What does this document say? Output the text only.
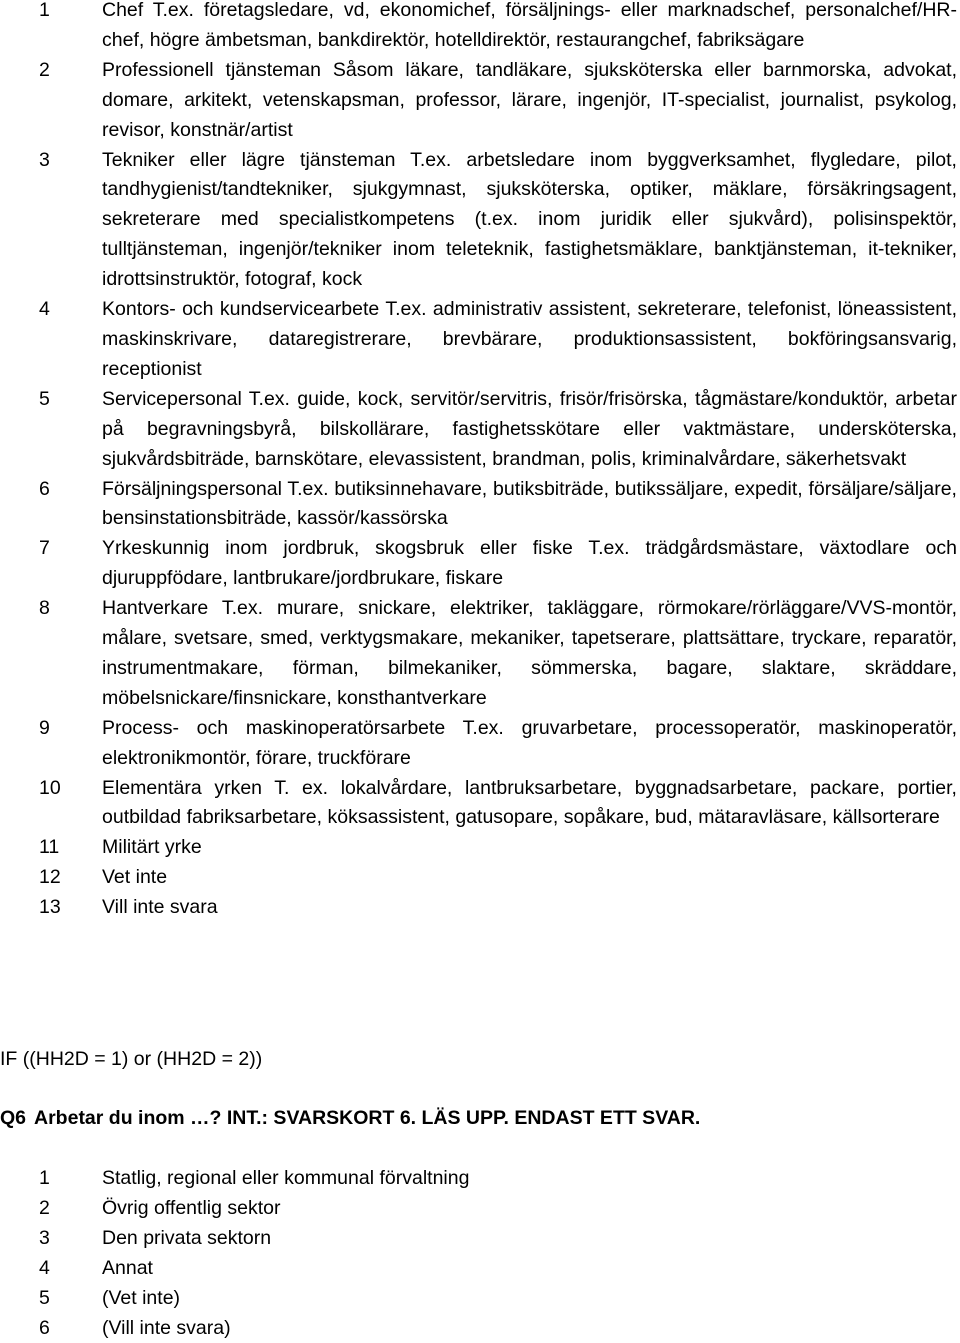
1	Chef T.ex. företagsledare, vd, ekonomichef, försäljnings- eller marknadschef, personalchef/HR-chef, högre ämbetsman, bankdirektör, hotelldirektör, restaurangchef, fabriksägare
2	Professionell tjänsteman Såsom läkare, tandläkare, sjuksköterska eller barnmorska, advokat, domare, arkitekt, vetenskapsman, professor, lärare, ingenjör, IT-specialist, journalist, psykolog, revisor, konstnär/artist
3	Tekniker eller lägre tjänsteman T.ex. arbetsledare inom byggverksamhet, flygledare, pilot, tandhygienist/tandtekniker, sjukgymnast, sjuksköterska, optiker, mäklare, försäkringsagent, sekreterare med specialistkompetens (t.ex. inom juridik eller sjukvård), polisinspektör, tulltjänsteman, ingenjör/tekniker inom teleteknik, fastighetsmäklare, banktjänsteman, it-tekniker, idrottsinstruktör, fotograf, kock
4	Kontors- och kundservicearbete T.ex. administrativ assistent, sekreterare, telefonist, löneassistent, maskinskrivare, dataregistrerare, brevbärare, produktionsassistent, bokföringsansvarig, receptionist
5	Servicepersonal T.ex. guide, kock, servitör/servitris, frisör/frisörska, tågmästare/konduktör, arbetar på begravningsbyrå, bilskollärare, fastighetsskötare eller vaktmästare, undersköterska, sjukvårdsbiträde, barnskötare, elevassistent, brandman, polis, kriminalvårdare, säkerhetsvakt
6	Försäljningspersonal T.ex. butiksinnehavare, butiksbiträde, butikssäljare, expedit, försäljare/säljare, bensinstationsbiträde, kassör/kassörska
7	Yrkeskunnig inom jordbruk, skogsbruk eller fiske T.ex. trädgårdsmästare, växtodlare och djuruppfödare, lantbrukare/jordbrukare, fiskare
8	Hantverkare T.ex. murare, snickare, elektriker, takläggare, rörmokare/rörläggare/VVS-montör, målare, svetsare, smed, verktygsmakare, mekaniker, tapetserare, plattsättare, tryckare, reparatör, instrumentmakare, förman, bilmekaniker, sömmerska, bagare, slaktare, skräddare, möbelsnickare/finsnickare, konsthantverkare
9	Process- och maskinoperatörsarbete T.ex. gruvarbetare, processoperatör, maskinoperatör, elektronikmontör, förare, truckförare
10 Elementära yrken T. ex. lokalvårdare, lantbruksarbetare, byggnadsarbetare, packare, portier, outbildad fabriksarbetare, köksassistent, gatusopare, sopåkare, bud, mätaravläsare, källsorterare
11 Militärt yrke
12 Vet inte
13 Vill inte svara
IF ((HH2D = 1) or (HH2D = 2))
Q6 Arbetar du inom …? INT.: SVARSKORT 6. LÄS UPP. ENDAST ETT SVAR.
1	Statlig, regional eller kommunal förvaltning
2	Övrig offentlig sektor
3	Den privata sektorn
4	Annat
5	(Vet inte)
6	(Vill inte svara)
